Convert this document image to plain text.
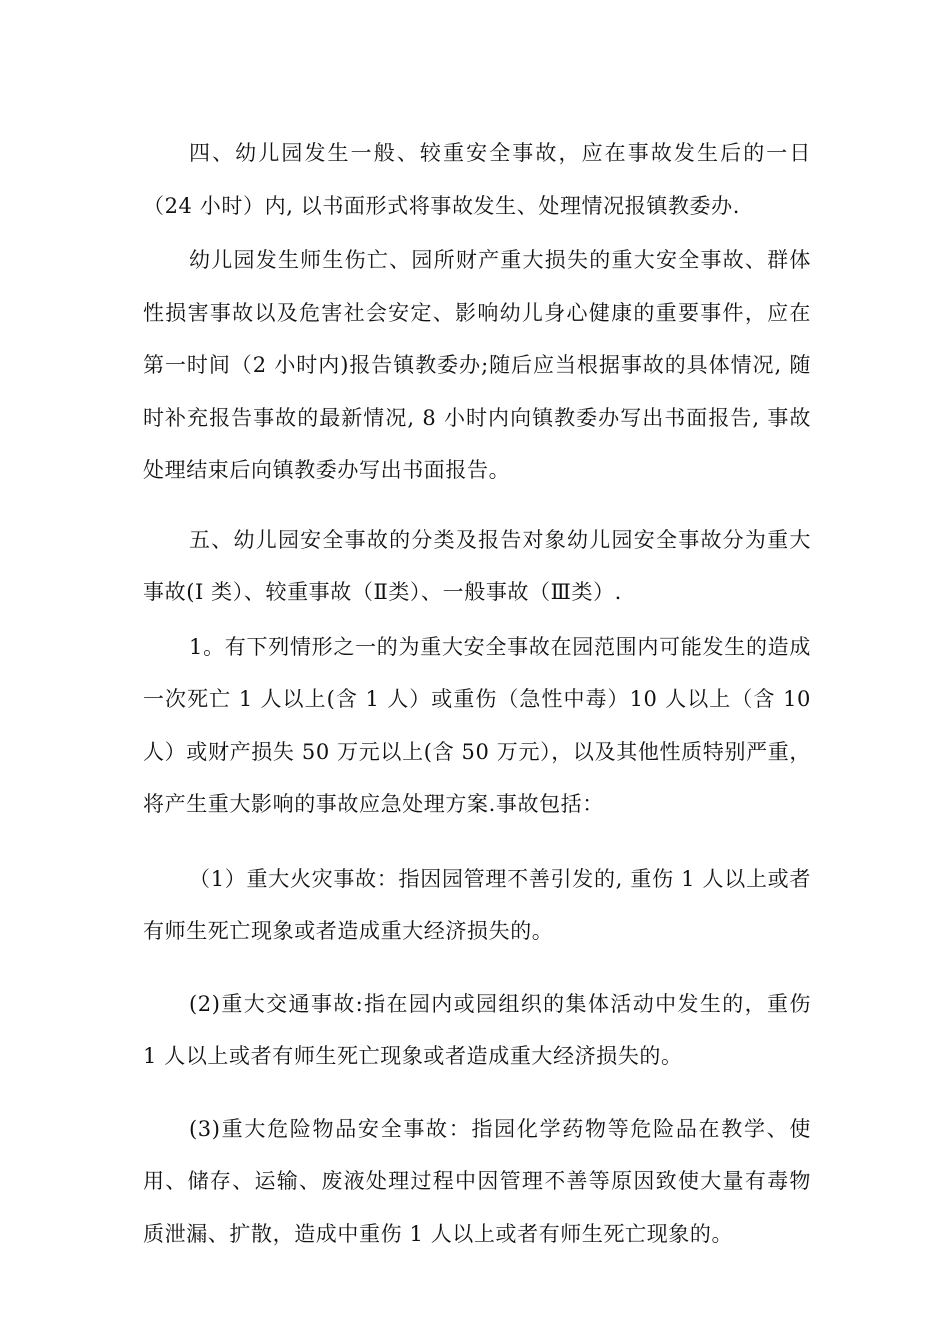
四、幼儿园发生一般、较重安全事故，应在事故发生后的一日（24 小时）内, 以书面形式将事故发生、处理情况报镇教委办.

幼儿园发生师生伤亡、园所财产重大损失的重大安全事故、群体性损害事故以及危害社会安定、影响幼儿身心健康的重要事件，应在第一时间（2 小时内)报告镇教委办;随后应当根据事故的具体情况, 随时补充报告事故的最新情况, 8 小时内向镇教委办写出书面报告, 事故处理结束后向镇教委办写出书面报告。

五、幼儿园安全事故的分类及报告对象幼儿园安全事故分为重大事故(Ⅰ 类）、较重事故（Ⅱ类）、一般事故（Ⅲ类）.

1。有下列情形之一的为重大安全事故在园范围内可能发生的造成一次死亡 1 人以上(含 1 人）或重伤（急性中毒）10 人以上（含 10 人）或财产损失 50 万元以上(含 50 万元），以及其他性质特别严重，将产生重大影响的事故应急处理方案.事故包括：

（1）重大火灾事故：指因园管理不善引发的, 重伤 1 人以上或者有师生死亡现象或者造成重大经济损失的。

(2)重大交通事故:指在园内或园组织的集体活动中发生的，重伤 1 人以上或者有师生死亡现象或者造成重大经济损失的。

(3)重大危险物品安全事故：指园化学药物等危险品在教学、使用、储存、运输、废液处理过程中因管理不善等原因致使大量有毒物质泄漏、扩散，造成中重伤 1 人以上或者有师生死亡现象的。
